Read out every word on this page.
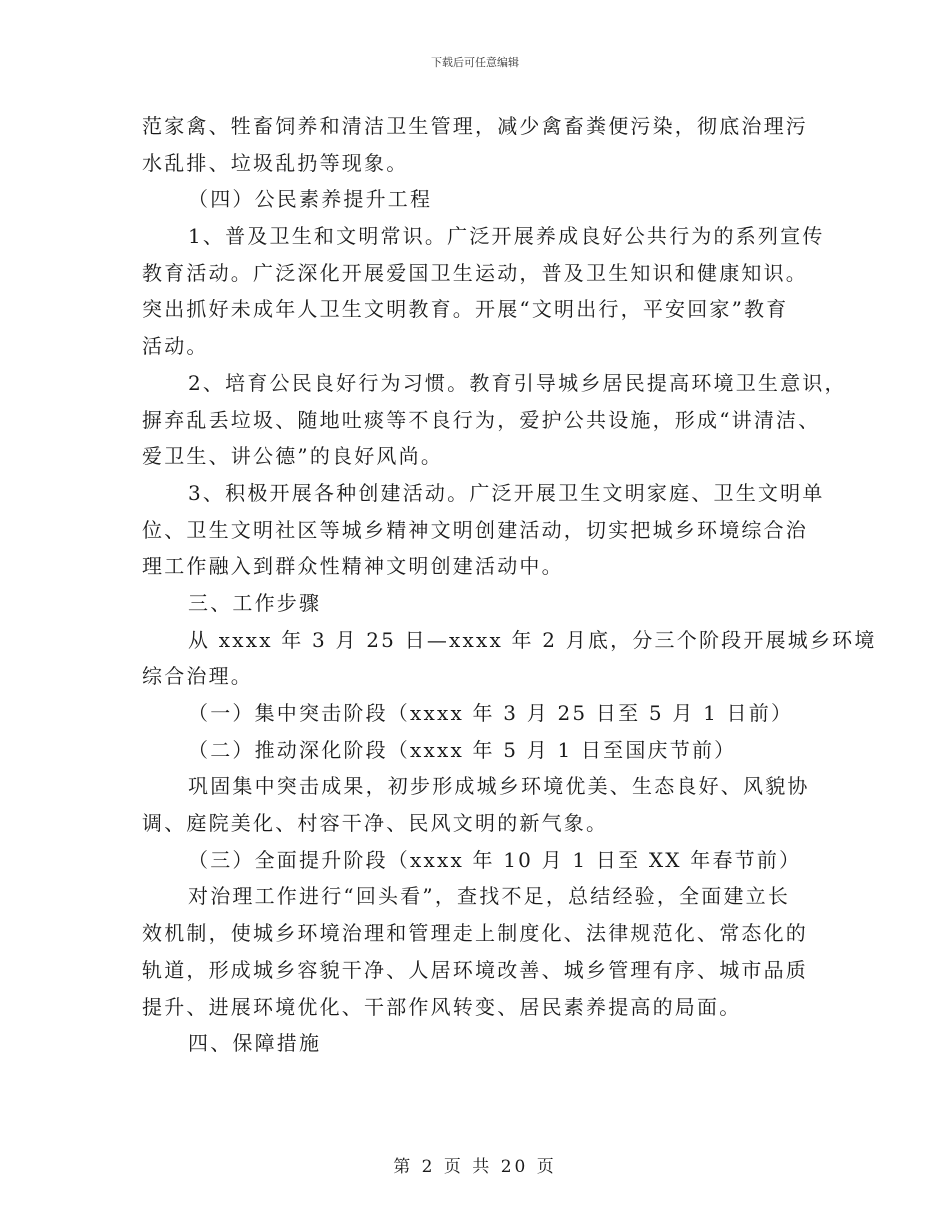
下载后可任意编辑
范家禽、牲畜饲养和清洁卫生管理，减少禽畜粪便污染，彻底治理污
水乱排、垃圾乱扔等现象。
（四）公民素养提升工程
1、普及卫生和文明常识。广泛开展养成良好公共行为的系列宣传
教育活动。广泛深化开展爱国卫生运动，普及卫生知识和健康知识。
突出抓好未成年人卫生文明教育。开展“文明出行，平安回家”教育
活动。
2、培育公民良好行为习惯。教育引导城乡居民提高环境卫生意识，
摒弃乱丢垃圾、随地吐痰等不良行为，爱护公共设施，形成“讲清洁、
爱卫生、讲公德”的良好风尚。
3、积极开展各种创建活动。广泛开展卫生文明家庭、卫生文明单
位、卫生文明社区等城乡精神文明创建活动，切实把城乡环境综合治
理工作融入到群众性精神文明创建活动中。
三、工作步骤
从 xxxx 年 3 月 25 日—xxxx 年 2 月底，分三个阶段开展城乡环境
综合治理。
（一）集中突击阶段（xxxx 年 3 月 25 日至 5 月 1 日前）
（二）推动深化阶段（xxxx 年 5 月 1 日至国庆节前）
巩固集中突击成果，初步形成城乡环境优美、生态良好、风貌协
调、庭院美化、村容干净、民风文明的新气象。
（三）全面提升阶段（xxxx 年 10 月 1 日至 XX 年春节前）
对治理工作进行“回头看”，查找不足，总结经验，全面建立长
效机制，使城乡环境治理和管理走上制度化、法律规范化、常态化的
轨道，形成城乡容貌干净、人居环境改善、城乡管理有序、城市品质
提升、进展环境优化、干部作风转变、居民素养提高的局面。
四、保障措施
第 2 页 共 20 页
